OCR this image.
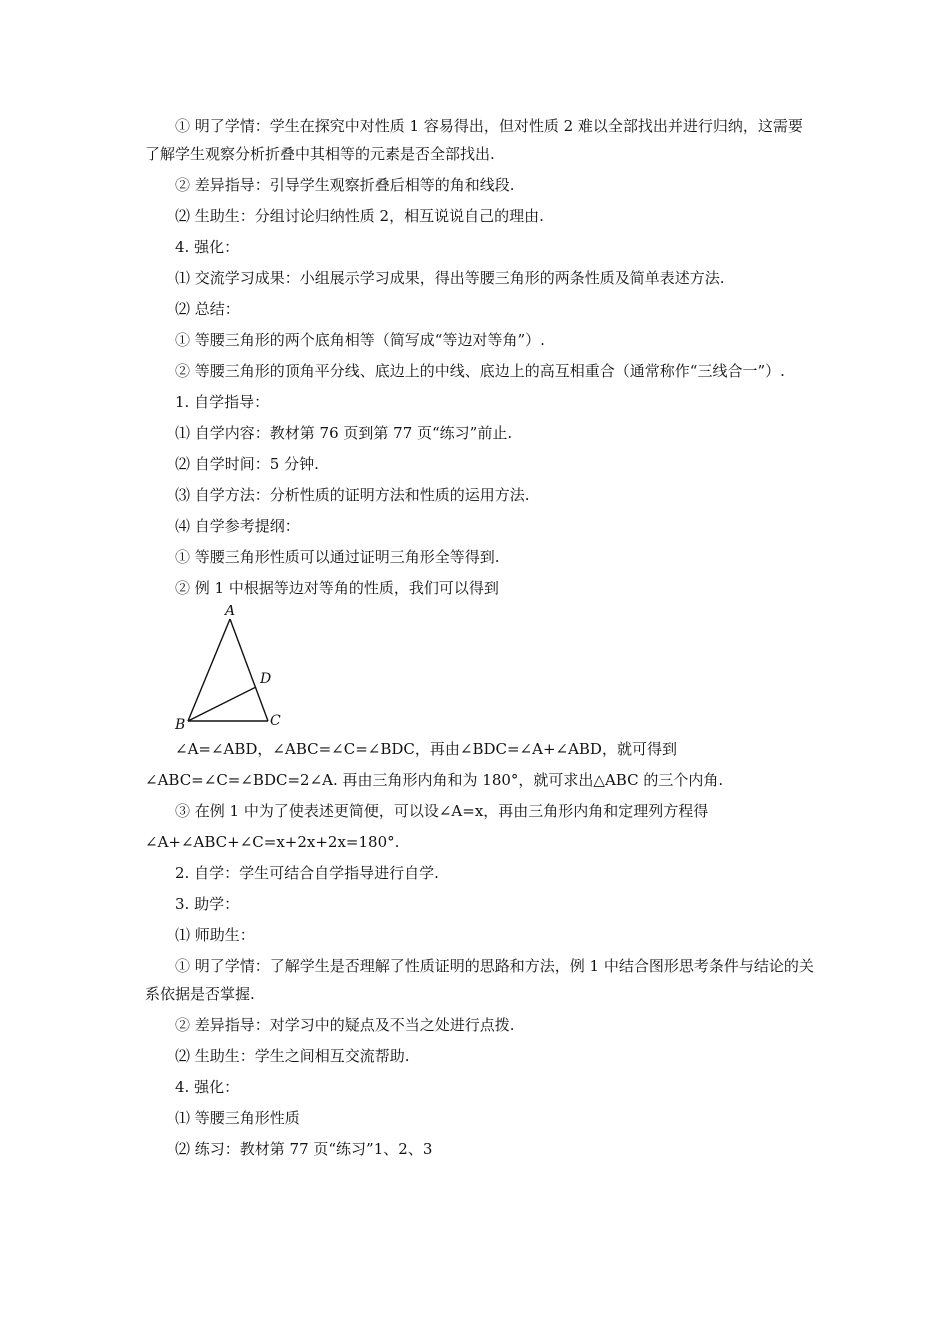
① 明了学情：学生在探究中对性质 1 容易得出，但对性质 2 难以全部找出并进行归纳，这需要了解学生观察分析折叠中其相等的元素是否全部找出.

② 差异指导：引导学生观察折叠后相等的角和线段.

⑵ 生助生：分组讨论归纳性质 2，相互说说自己的理由.

4. 强化：

⑴ 交流学习成果：小组展示学习成果，得出等腰三角形的两条性质及简单表述方法.

⑵ 总结：

① 等腰三角形的两个底角相等（简写成“等边对等角”）.

② 等腰三角形的顶角平分线、底边上的中线、底边上的高互相重合（通常称作“三线合一”）.

1. 自学指导：

⑴ 自学内容：教材第 76 页到第 77 页“练习”前止.

⑵ 自学时间：5 分钟.

⑶ 自学方法：分析性质的证明方法和性质的运用方法.

⑷ 自学参考提纲：

① 等腰三角形性质可以通过证明三角形全等得到.

② 例 1 中根据等边对等角的性质，我们可以得到

A
B	C
D

∠A=∠ABD，∠ABC=∠C=∠BDC，再由∠BDC=∠A+∠ABD，就可得到

∠ABC=∠C=∠BDC=2∠A. 再由三角形内角和为 180°，就可求出△ABC 的三个内角.

③ 在例 1 中为了使表述更简便，可以设∠A=x，再由三角形内角和定理列方程得

∠A+∠ABC+∠C=x+2x+2x=180°.

2. 自学：学生可结合自学指导进行自学.

3. 助学：

⑴ 师助生：

① 明了学情：了解学生是否理解了性质证明的思路和方法，例 1 中结合图形思考条件与结论的关系依据是否掌握.

② 差异指导：对学习中的疑点及不当之处进行点拨.

⑵ 生助生：学生之间相互交流帮助.

4. 强化：

⑴ 等腰三角形性质

⑵ 练习：教材第 77 页“练习”1、2、3
